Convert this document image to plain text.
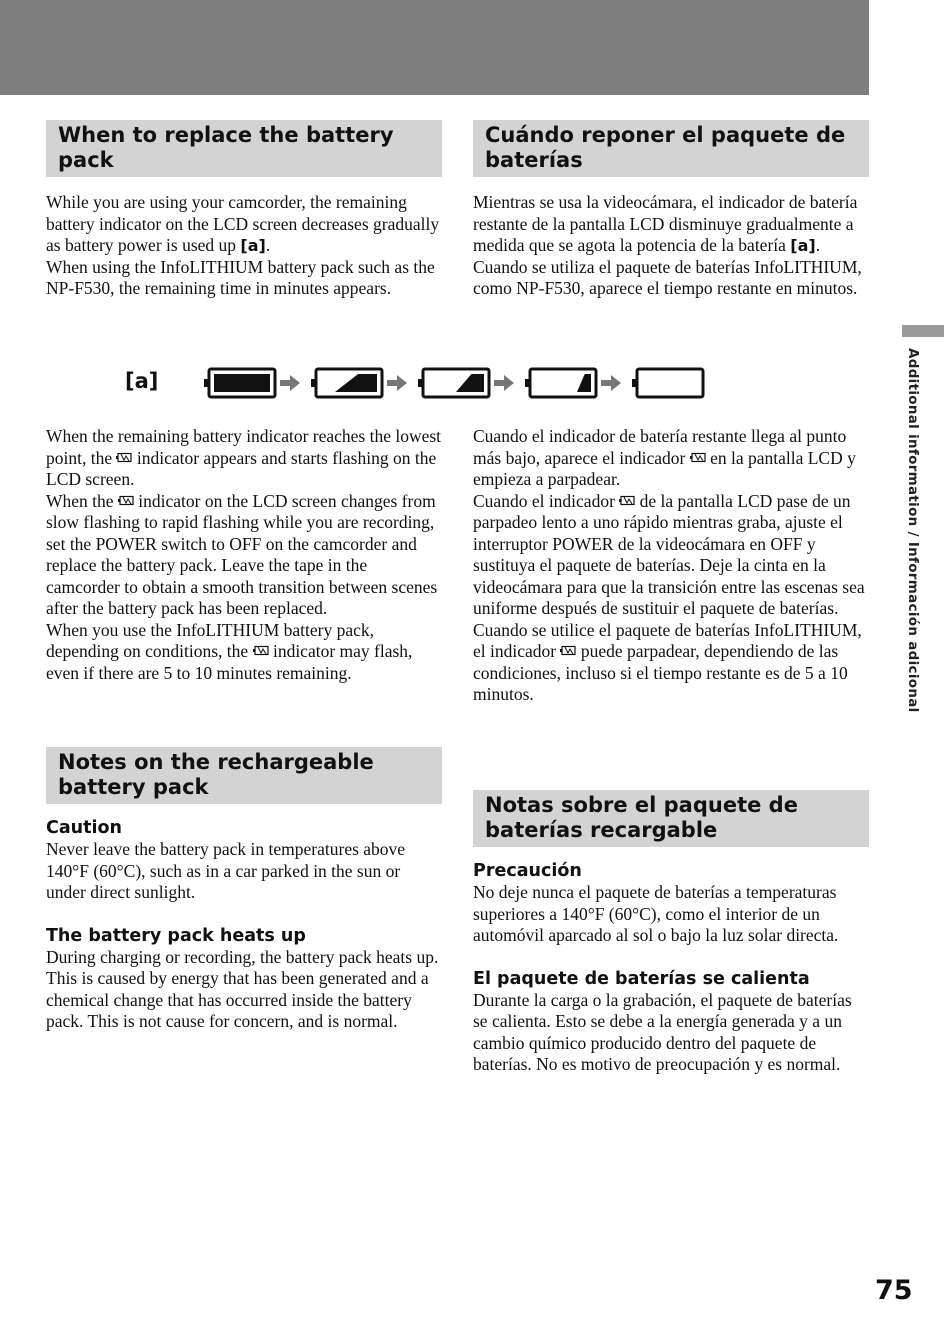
Additional information / Información adicional
When to replace the battery pack

While you are using your camcorder, the remaining battery indicator on the LCD screen decreases gradually as battery power is used up [a].

When using the InfoLITHIUM battery pack such as the NP-F530, the remaining time in minutes appears.

Cuándo reponer el paquete de baterías

Mientras se usa la videocámara, el indicador de batería restante de la pantalla LCD disminuye gradualmente a medida que se agota la potencia de la batería [a].

Cuando se utiliza el paquete de baterías InfoLITHIUM, como NP-F530, aparece el tiempo restante en minutos.

[a]

When the remaining battery indicator reaches the lowest point, the  indicator appears and starts flashing on the LCD screen.

When the  indicator on the LCD screen changes from slow flashing to rapid flashing while you are recording, set the POWER switch to OFF on the camcorder and replace the battery pack. Leave the tape in the camcorder to obtain a smooth transition between scenes after the battery pack has been replaced.

When you use the InfoLITHIUM battery pack, depending on conditions, the  indicator may flash, even if there are 5 to 10 minutes remaining.

Cuando el indicador de batería restante llega al punto más bajo, aparece el indicador  en la pantalla LCD y empieza a parpadear.

Cuando el indicador  de la pantalla LCD pase de un parpadeo lento a uno rápido mientras graba, ajuste el interruptor POWER de la videocámara en OFF y sustituya el paquete de baterías. Deje la cinta en la videocámara para que la transición entre las escenas sea uniforme después de sustituir el paquete de baterías.

Cuando se utilice el paquete de baterías InfoLITHIUM, el indicador  puede parpadear, dependiendo de las condiciones, incluso si el tiempo restante es de 5 a 10 minutos.

Notes on the rechargeable battery pack

Caution

Never leave the battery pack in temperatures above 140°F (60°C), such as in a car parked in the sun or under direct sunlight.

The battery pack heats up

During charging or recording, the battery pack heats up. This is caused by energy that has been generated and a chemical change that has occurred inside the battery pack. This is not cause for concern, and is normal.

Notas sobre el paquete de baterías recargable

Precaución

No deje nunca el paquete de baterías a temperaturas superiores a 140°F (60°C), como el interior de un automóvil aparcado al sol o bajo la luz solar directa.

El paquete de baterías se calienta

Durante la carga o la grabación, el paquete de baterías se calienta. Esto se debe a la energía generada y a un cambio químico producido dentro del paquete de baterías. No es motivo de preocupación y es normal.

75
